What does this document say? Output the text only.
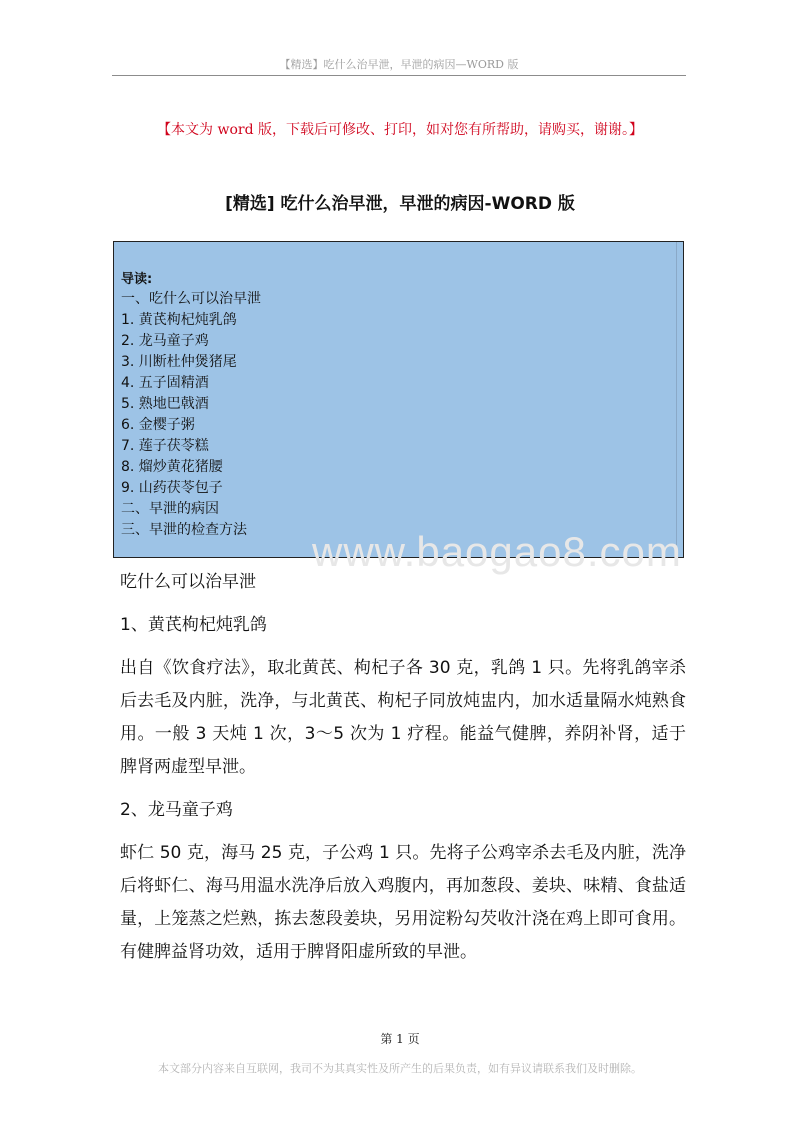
【精选】吃什么治早泄，早泄的病因—WORD 版
【本文为 word 版，下载后可修改、打印，如对您有所帮助，请购买，谢谢。】
[精选] 吃什么治早泄，早泄的病因-WORD 版
导读:
一、吃什么可以治早泄
1. 黄芪枸杞炖乳鸽
2. 龙马童子鸡
3. 川断杜仲煲猪尾
4. 五子固精酒
5. 熟地巴戟酒
6. 金樱子粥
7. 莲子茯苓糕
8. 熘炒黄花猪腰
9. 山药茯苓包子
二、早泄的病因
三、早泄的检查方法	www.baogao8.com

吃什么可以治早泄

1、黄芪枸杞炖乳鸽

出自《饮食疗法》，取北黄芪、枸杞子各 30 克，乳鸽 1 只。先将乳鸽宰杀后去毛及内脏，洗净，与北黄芪、枸杞子同放炖盅内，加水适量隔水炖熟食用。一般 3 天炖 1 次，3～5 次为 1 疗程。能益气健脾，养阴补肾，适于脾肾两虚型早泄。

2、龙马童子鸡

虾仁 50 克，海马 25 克，子公鸡 1 只。先将子公鸡宰杀去毛及内脏，洗净后将虾仁、海马用温水洗净后放入鸡腹内，再加葱段、姜块、味精、食盐适量，上笼蒸之烂熟，拣去葱段姜块，另用淀粉勾芡收汁浇在鸡上即可食用。有健脾益肾功效，适用于脾肾阳虚所致的早泄。

第 1 页
本文部分内容来自互联网，我司不为其真实性及所产生的后果负责，如有异议请联系我们及时删除。
